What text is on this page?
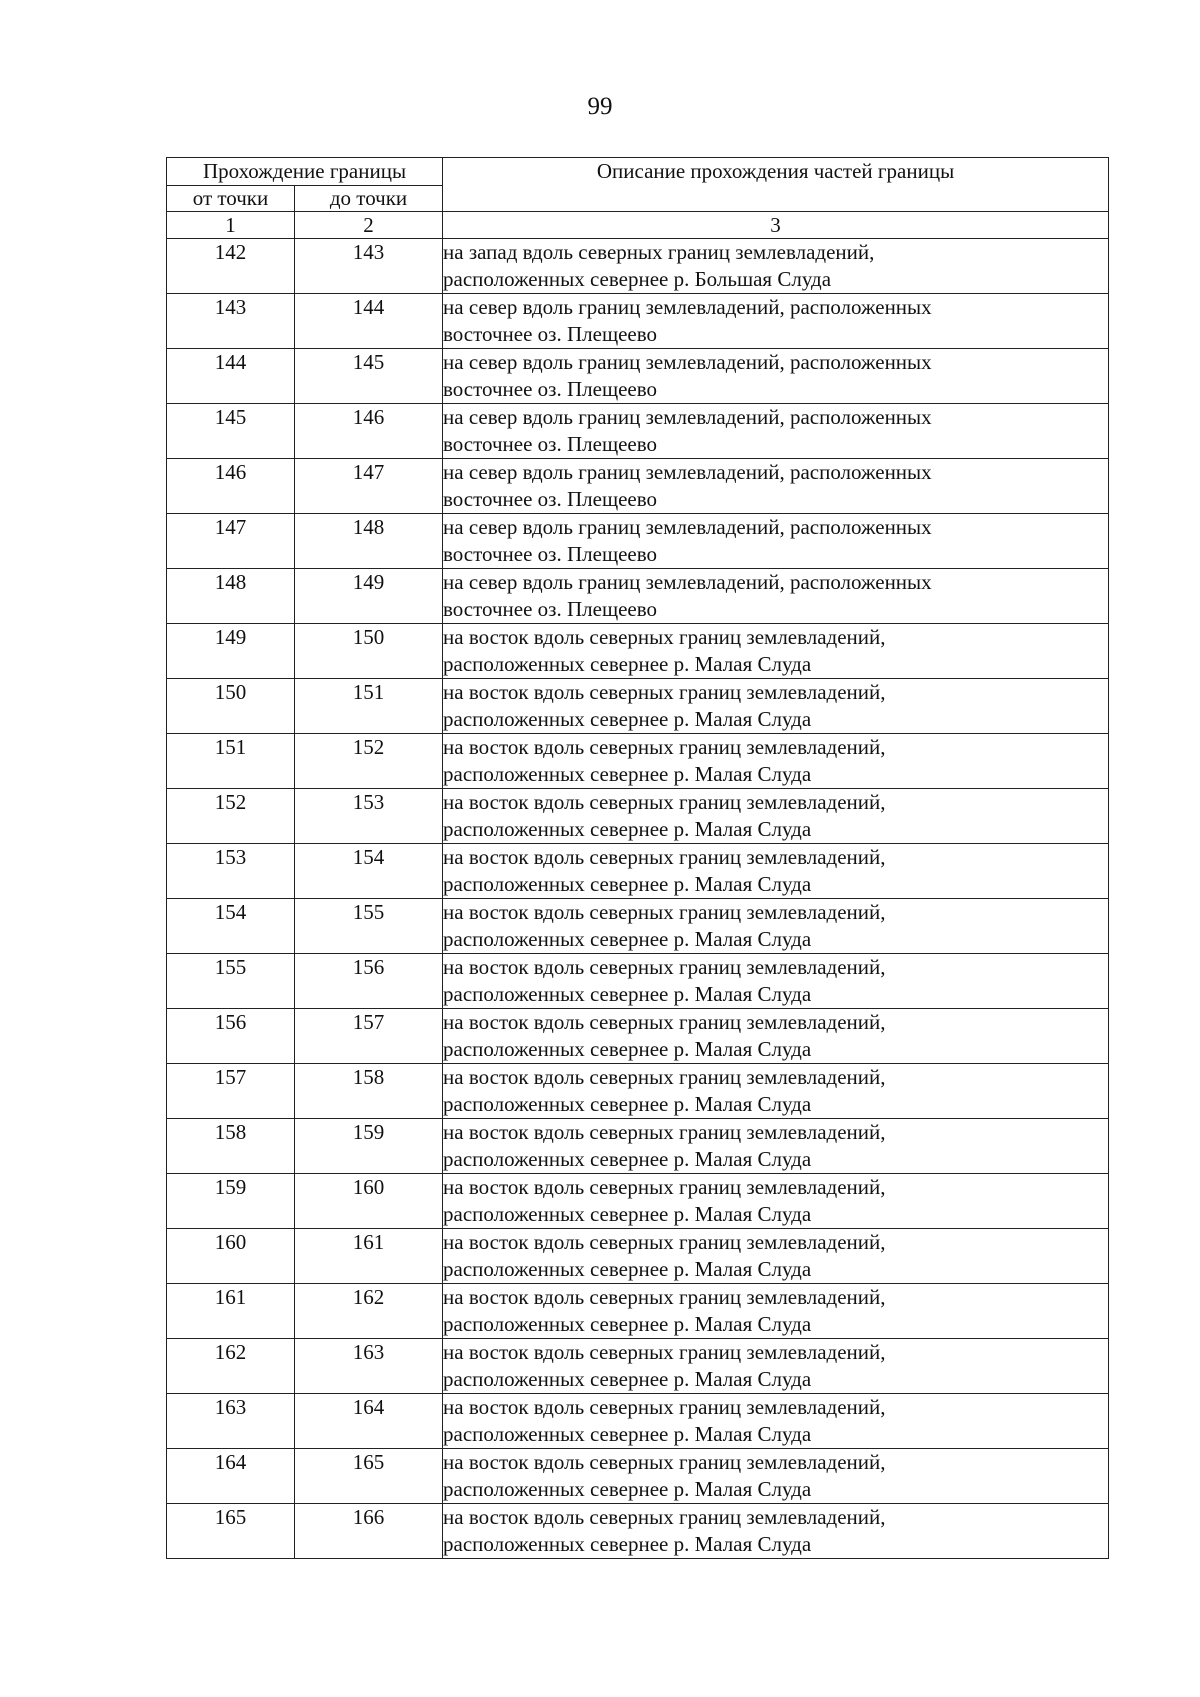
99
Прохождение границы		Описание прохождения частей границы
от точки	до точки	
1	2	3
142	143	на запад вдоль северных границ землевладений,
расположенных севернее р. Большая Слуда

143	144	на север вдоль границ землевладений, расположенных
восточнее оз. Плещеево

144	145	на север вдоль границ землевладений, расположенных
восточнее оз. Плещеево

145	146	на север вдоль границ землевладений, расположенных
восточнее оз. Плещеево

146	147	на север вдоль границ землевладений, расположенных
восточнее оз. Плещеево

147	148	на север вдоль границ землевладений, расположенных
восточнее оз. Плещеево

148	149	на север вдоль границ землевладений, расположенных
восточнее оз. Плещеево

149	150	на восток вдоль северных границ землевладений,
расположенных севернее р. Малая Слуда

150	151	на восток вдоль северных границ землевладений,
расположенных севернее р. Малая Слуда

151	152	на восток вдоль северных границ землевладений,
расположенных севернее р. Малая Слуда

152	153	на восток вдоль северных границ землевладений,
расположенных севернее р. Малая Слуда

153	154	на восток вдоль северных границ землевладений,
расположенных севернее р. Малая Слуда

154	155	на восток вдоль северных границ землевладений,
расположенных севернее р. Малая Слуда

155	156	на восток вдоль северных границ землевладений,
расположенных севернее р. Малая Слуда

156	157	на восток вдоль северных границ землевладений,
расположенных севернее р. Малая Слуда

157	158	на восток вдоль северных границ землевладений,
расположенных севернее р. Малая Слуда

158	159	на восток вдоль северных границ землевладений,
расположенных севернее р. Малая Слуда

159	160	на восток вдоль северных границ землевладений,
расположенных севернее р. Малая Слуда

160	161	на восток вдоль северных границ землевладений,
расположенных севернее р. Малая Слуда

161	162	на восток вдоль северных границ землевладений,
расположенных севернее р. Малая Слуда

162	163	на восток вдоль северных границ землевладений,
расположенных севернее р. Малая Слуда

163	164	на восток вдоль северных границ землевладений,
расположенных севернее р. Малая Слуда

164	165	на восток вдоль северных границ землевладений,
расположенных севернее р. Малая Слуда

165	166	на восток вдоль северных границ землевладений,
расположенных севернее р. Малая Слуда
